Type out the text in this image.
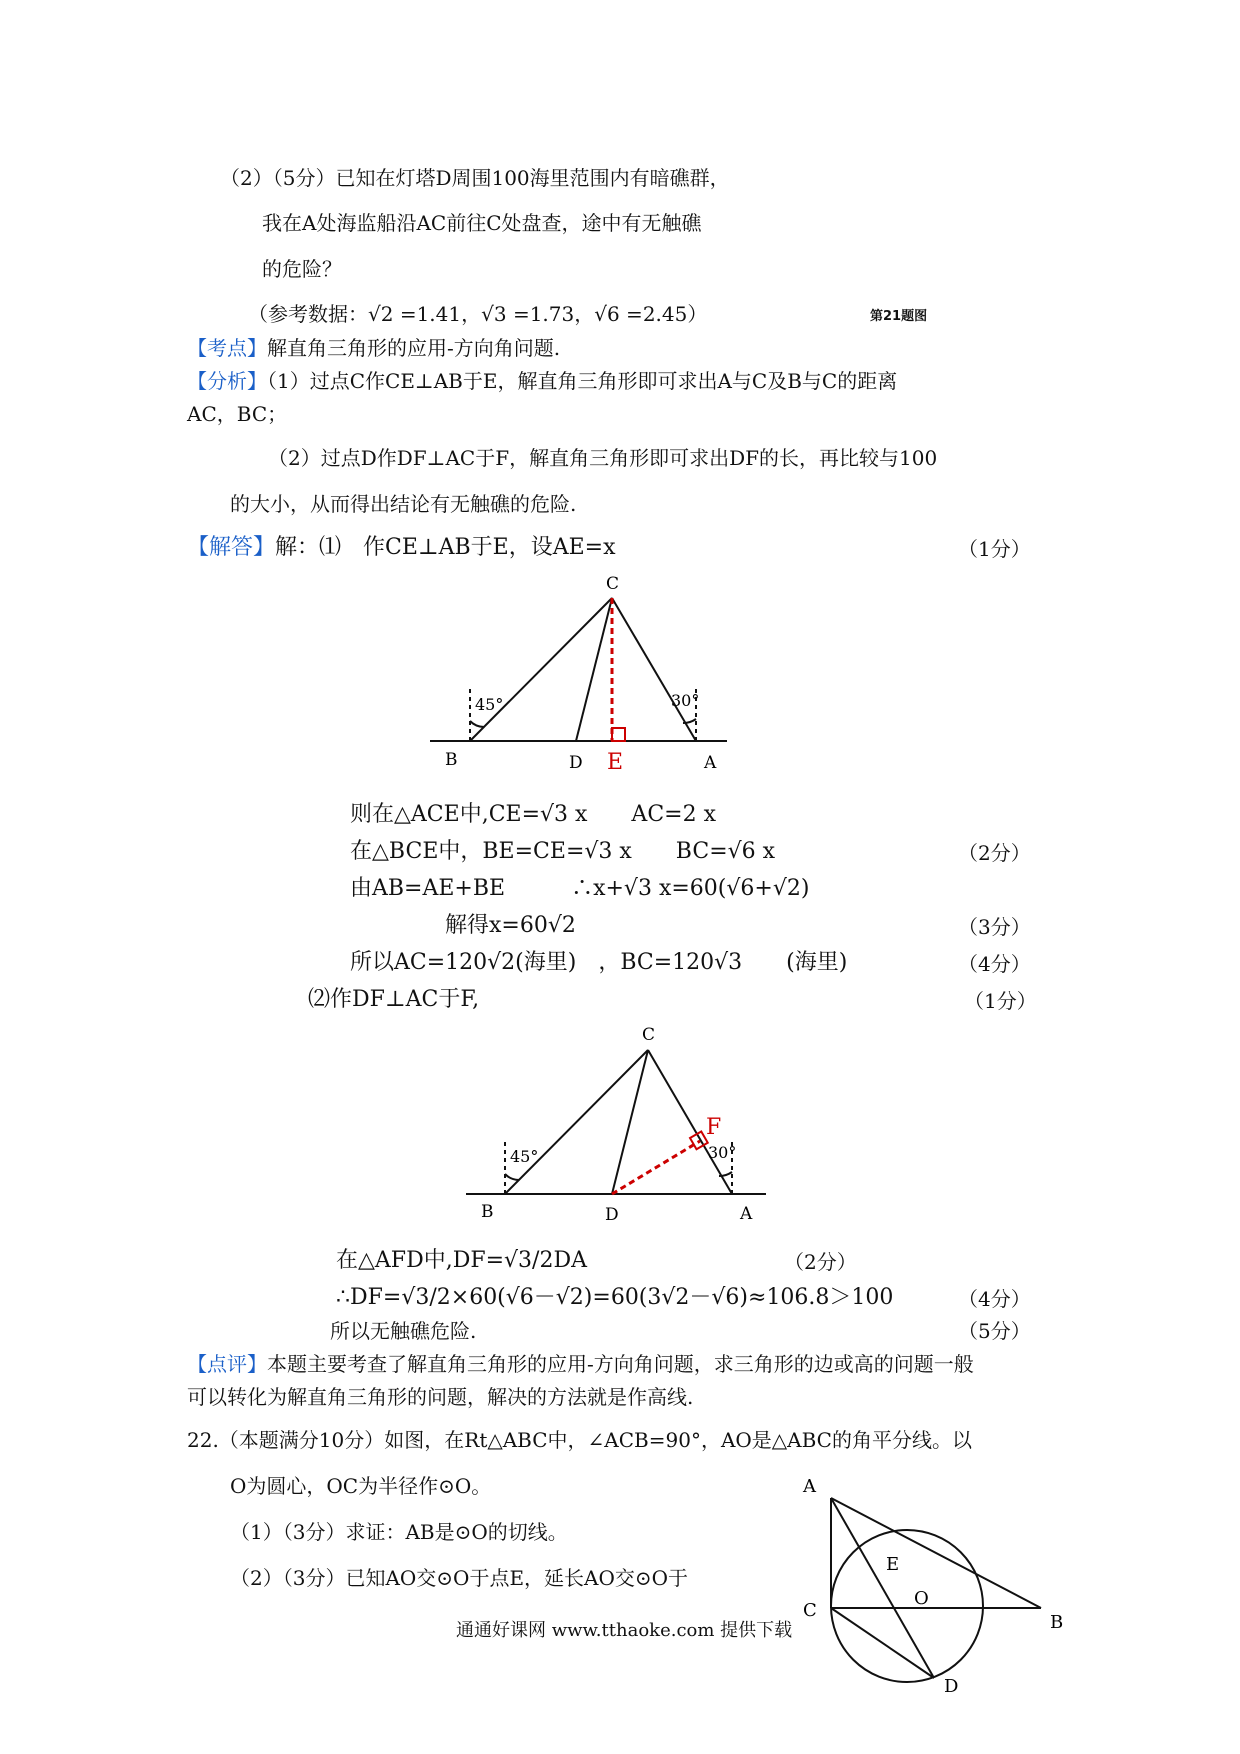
（2）（5分）已知在灯塔D周围100海里范围内有暗礁群，
我在A处海监船沿AC前往C处盘查，途中有无触礁
的危险？
（参考数据：√2 =1.41，√3 =1.73，√6 =2.45）	第21题图
【考点】解直角三角形的应用-方向角问题.
【分析】（1）过点C作CE⊥AB于E，解直角三角形即可求出A与C及B与C的距离
AC，BC；
（2）过点D作DF⊥AC于F，解直角三角形即可求出DF的长，再比较与100
的大小，从而得出结论有无触礁的危险.
【解答】解：⑴　作CE⊥AB于E，设AE=x	（1分）
C
B	D E	A
45°	30°
则在△ACE中,CE=√3 x　　AC=2 x
在△BCE中，BE=CE=√3 x　　BC=√6 x	（2分）
由AB=AE+BE　　　∴x+√3 x=60(√6+√2)
解得x=60√2	（3分）
所以AC=120√2(海里)　，BC=120√3　　(海里)	（4分）
⑵作DF⊥AC于F,	（1分）
C
B	D
F
A
45°	30°
在△AFD中,DF=√3/2DA	（2分）
∴DF=√3/2×60(√6－√2)=60(3√2－√6)≈106.8＞100	（4分）
所以无触礁危险.	（5分）
【点评】本题主要考查了解直角三角形的应用-方向角问题，求三角形的边或高的问题一般
可以转化为解直角三角形的问题，解决的方法就是作高线.
22.（本题满分10分）如图，在Rt△ABC中，∠ACB=90°，AO是△ABC的角平分线。以
O为圆心，OC为半径作⊙O。
（1）（3分）求证：AB是⊙O的切线。
（2）（3分）已知AO交⊙O于点E，延长AO交⊙O于
A
C
B
E
O
D
通通好课网 www.tthaoke.com 提供下载
